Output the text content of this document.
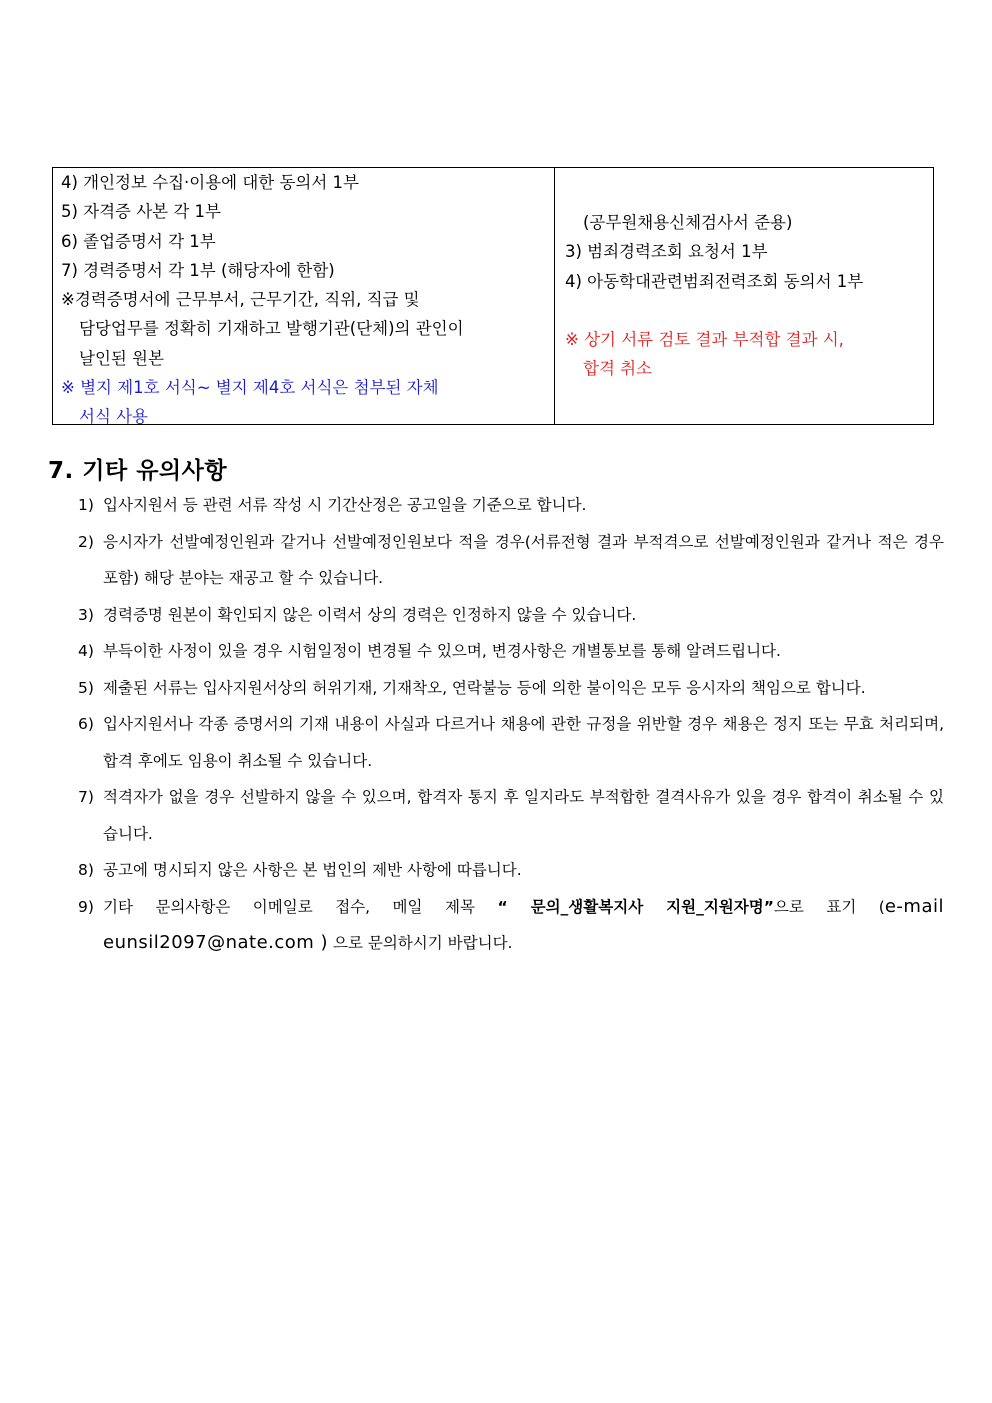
4) 개인정보 수집·이용에 대한 동의서 1부
5) 자격증 사본 각 1부
6) 졸업증명서 각 1부
7) 경력증명서 각 1부 (해당자에 한함)
※경력증명서에 근무부서, 근무기간, 직위, 직급 및
담당업무를 정확히 기재하고 발행기관(단체)의 관인이
날인된 원본
※ 별지 제1호 서식~ 별지 제4호 서식은 첨부된 자체
서식 사용
(공무원채용신체검사서 준용)
3) 범죄경력조회 요청서 1부
4) 아동학대관련범죄전력조회 동의서 1부
※ 상기 서류 검토 결과 부적합 결과 시,
합격 취소
7. 기타 유의사항
1) 입사지원서 등 관련 서류 작성 시 기간산정은 공고일을 기준으로 합니다.
2) 응시자가 선발예정인원과 같거나 선발예정인원보다 적을 경우(서류전형 결과 부적격으로 선발예정인원과 같거나 적은 경우 포함) 해당 분야는 재공고 할 수 있습니다.
3) 경력증명 원본이 확인되지 않은 이력서 상의 경력은 인정하지 않을 수 있습니다.
4) 부득이한 사정이 있을 경우 시험일정이 변경될 수 있으며, 변경사항은 개별통보를 통해 알려드립니다.
5) 제출된 서류는 입사지원서상의 허위기재, 기재착오, 연락불능 등에 의한 불이익은 모두 응시자의 책임으로 합니다.
6) 입사지원서나 각종 증명서의 기재 내용이 사실과 다르거나 채용에 관한 규정을 위반할 경우 채용은 정지 또는 무효 처리되며, 합격 후에도 임용이 취소될 수 있습니다.
7) 적격자가 없을 경우 선발하지 않을 수 있으며, 합격자 통지 후 일지라도 부적합한 결격사유가 있을 경우 합격이 취소될 수 있습니다.
8) 공고에 명시되지 않은 사항은 본 법인의 제반 사항에 따릅니다.
9) 기타 문의사항은 이메일로 접수, 메일 제목 “ 문의_생활복지사 지원_지원자명”으로 표기 (e-mail eunsil2097@nate.com ) 으로 문의하시기 바랍니다.
